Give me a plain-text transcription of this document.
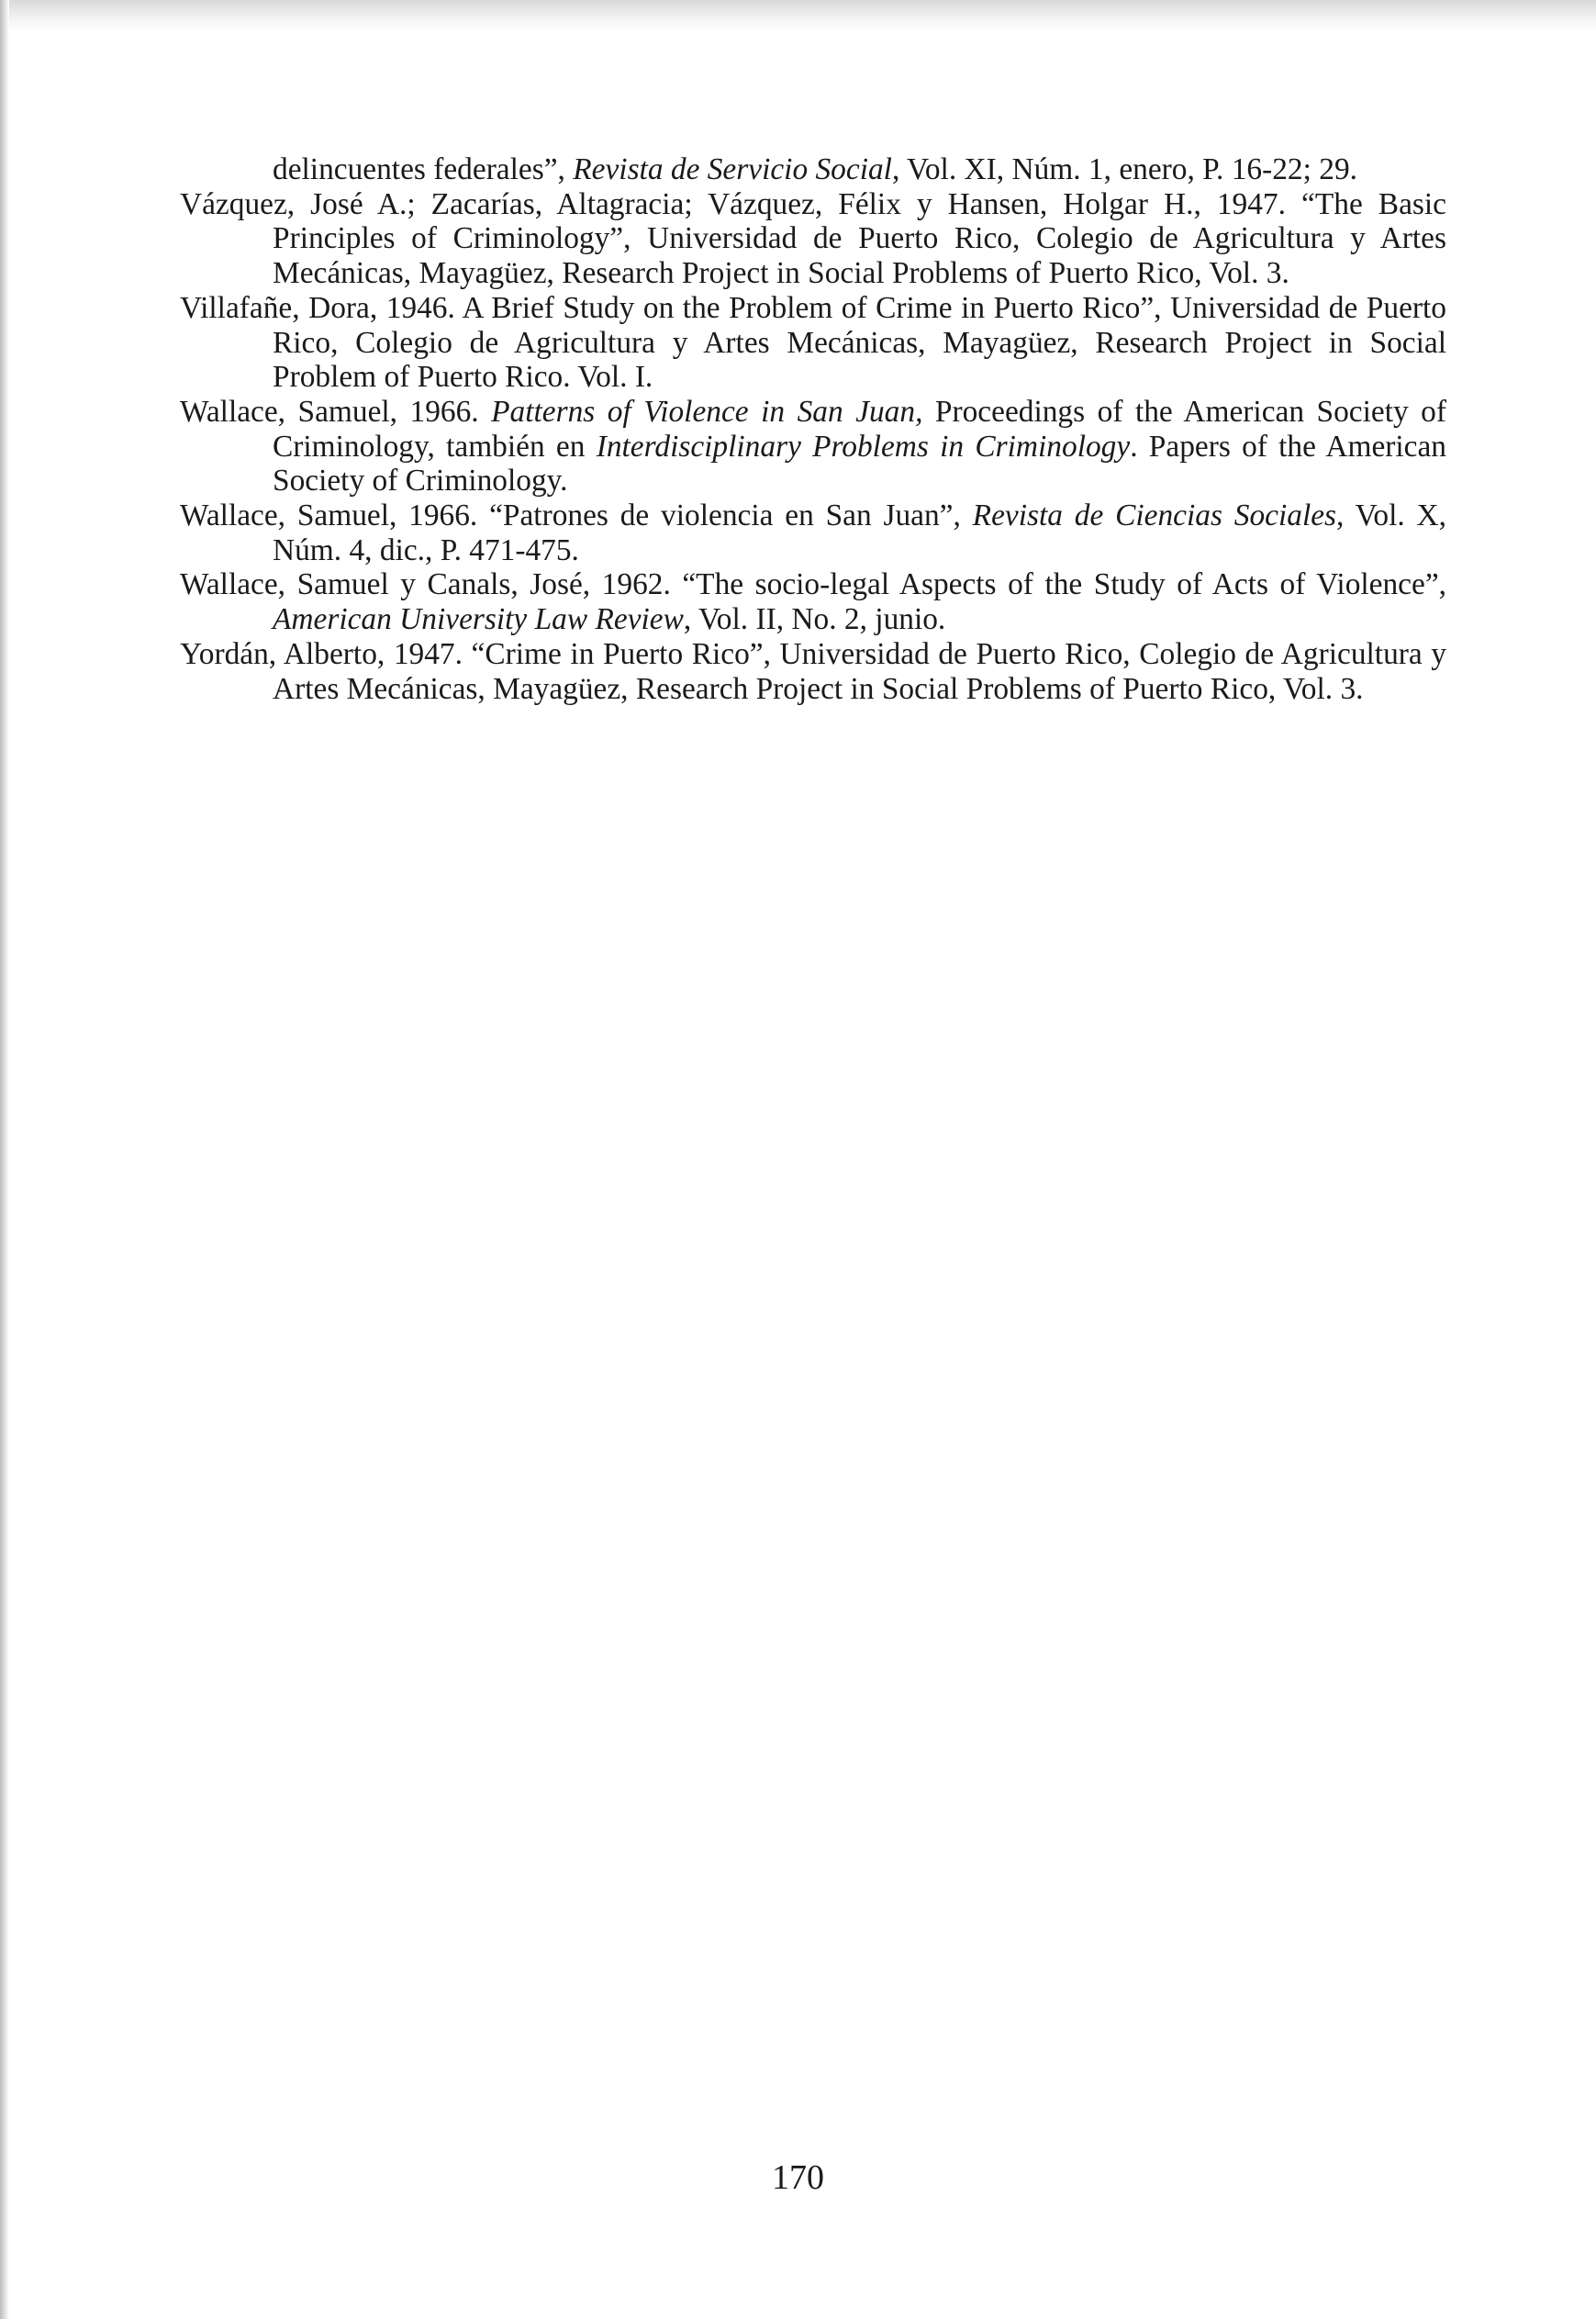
delincuentes federales”, Revista de Servicio Social, Vol. XI, Núm. 1, enero, P. 16-22; 29.

Vázquez, José A.; Zacarías, Altagracia; Vázquez, Félix y Hansen, Holgar H., 1947. “The Basic Principles of Criminology”, Universidad de Puerto Rico, Colegio de Agricultura y Artes Mecánicas, Mayagüez, Research Project in Social Problems of Puerto Rico, Vol. 3.

Villafañe, Dora, 1946. A Brief Study on the Problem of Crime in Puerto Rico”, Universidad de Puerto Rico, Colegio de Agricultura y Artes Mecánicas, Mayagüez, Research Project in Social Problem of Puerto Rico. Vol. I.

Wallace, Samuel, 1966. Patterns of Violence in San Juan, Proceedings of the American Society of Criminology, también en Interdisciplinary Problems in Criminology. Papers of the American Society of Criminology.

Wallace, Samuel, 1966. “Patrones de violencia en San Juan”, Revista de Ciencias Sociales, Vol. X, Núm. 4, dic., P. 471-475.

Wallace, Samuel y Canals, José, 1962. “The socio-legal Aspects of the Study of Acts of Violence”, American University Law Review, Vol. II, No. 2, junio.

Yordán, Alberto, 1947. “Crime in Puerto Rico”, Universidad de Puerto Rico, Colegio de Agricultura y Artes Mecánicas, Mayagüez, Research Project in Social Problems of Puerto Rico, Vol. 3.

170
